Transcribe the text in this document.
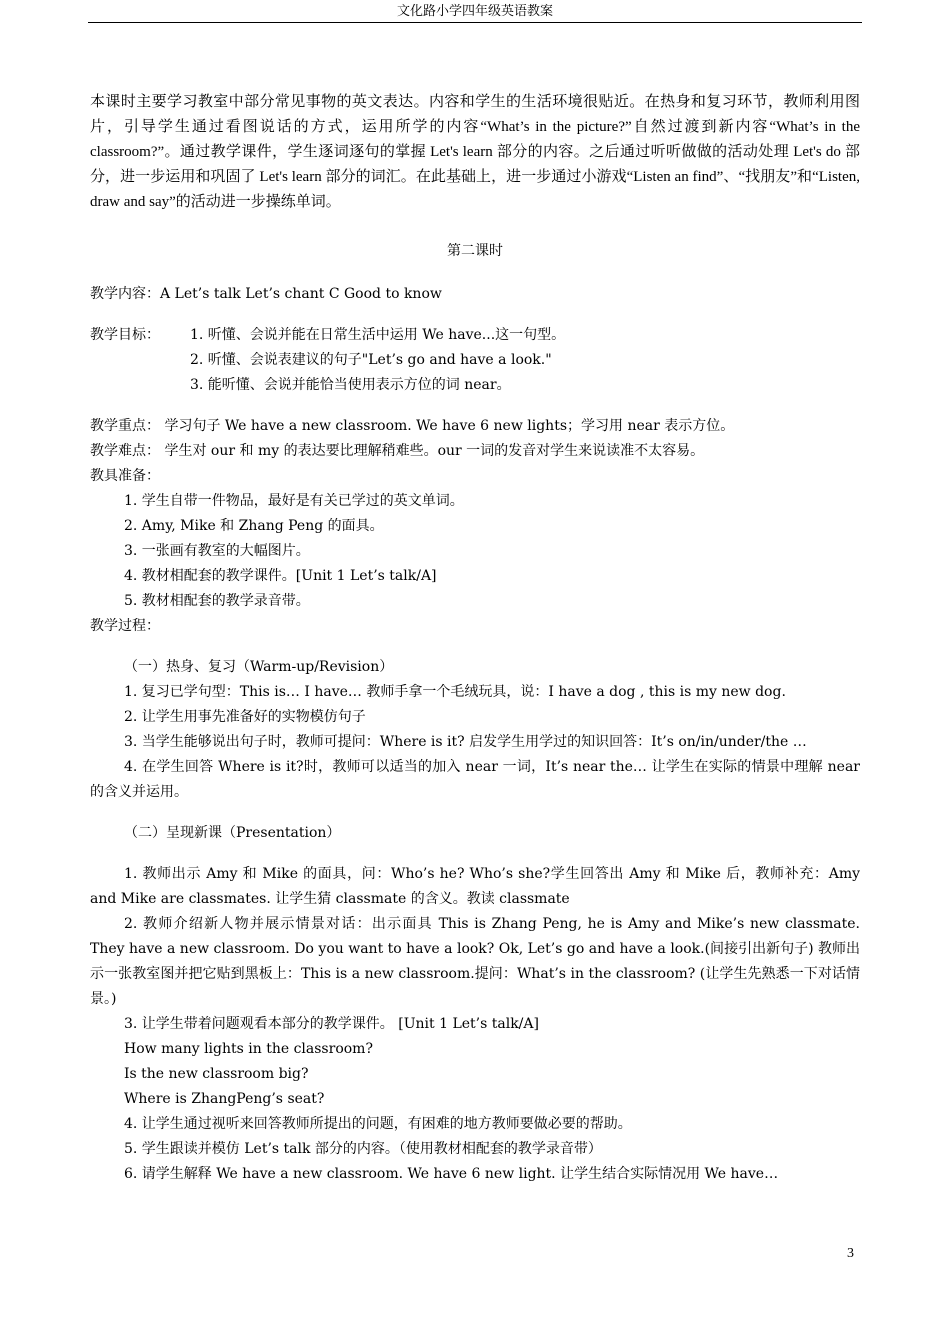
文化路小学四年级英语教案

本课时主要学习教室中部分常见事物的英文表达。内容和学生的生活环境很贴近。在热身和复习环节，教师利用图片，引导学生通过看图说话的方式，运用所学的内容“What’s in the picture?”自然过渡到新内容“What’s in the classroom?”。通过教学课件，学生逐词逐句的掌握 Let's learn 部分的内容。之后通过听听做做的活动处理 Let's do 部分，进一步运用和巩固了 Let's learn 部分的词汇。在此基础上，进一步通过小游戏“Listen an find”、“找朋友”和“Listen, draw and say”的活动进一步操练单词。

第二课时
教学内容：A Let’s talk Let’s chant C Good to know
教学目标：	1. 听懂、会说并能在日常生活中运用 We have...这一句型。
2. 听懂、会说表建议的句子"Let’s go and have a look."
3. 能听懂、会说并能恰当使用表示方位的词 near。
教学重点： 学习句子 We have a new classroom. We have 6 new lights；学习用 near 表示方位。
教学难点： 学生对 our 和 my 的表达要比理解稍难些。our 一词的发音对学生来说读准不太容易。
教具准备：
1. 学生自带一件物品，最好是有关已学过的英文单词。
2. Amy, Mike 和 Zhang Peng 的面具。
3. 一张画有教室的大幅图片。
4. 教材相配套的教学课件。[Unit 1 Let’s talk/A]
5. 教材相配套的教学录音带。
教学过程：
（一）热身、复习（Warm-up/Revision）
1. 复习已学句型：This is… I have… 教师手拿一个毛绒玩具，说：I have a dog , this is my new dog.
2. 让学生用事先准备好的实物模仿句子
3. 当学生能够说出句子时，教师可提问：Where is it? 启发学生用学过的知识回答：It’s on/in/under/the …
4. 在学生回答 Where is it?时，教师可以适当的加入 near 一词，It’s near the… 让学生在实际的情景中理解 near 的含义并运用。
（二）呈现新课（Presentation）
1. 教师出示 Amy 和 Mike 的面具，问：Who’s he? Who’s she?学生回答出 Amy 和 Mike 后，教师补充：Amy and Mike are classmates. 让学生猜 classmate 的含义。教读 classmate
2. 教师介绍新人物并展示情景对话：出示面具 This is Zhang Peng, he is Amy and Mike’s new classmate. They have a new classroom. Do you want to have a look? Ok, Let’s go and have a look.(间接引出新句子) 教师出示一张教室图并把它贴到黑板上：This is a new classroom.提问：What’s in the classroom? (让学生先熟悉一下对话情景。)
3. 让学生带着问题观看本部分的教学课件。 [Unit 1 Let’s talk/A]
How many lights in the classroom?
Is the new classroom big?
Where is ZhangPeng’s seat?
4. 让学生通过视听来回答教师所提出的问题，有困难的地方教师要做必要的帮助。
5. 学生跟读并模仿 Let’s talk 部分的内容。（使用教材相配套的教学录音带）
6. 请学生解释 We have a new classroom. We have 6 new light. 让学生结合实际情况用 We have…
3
